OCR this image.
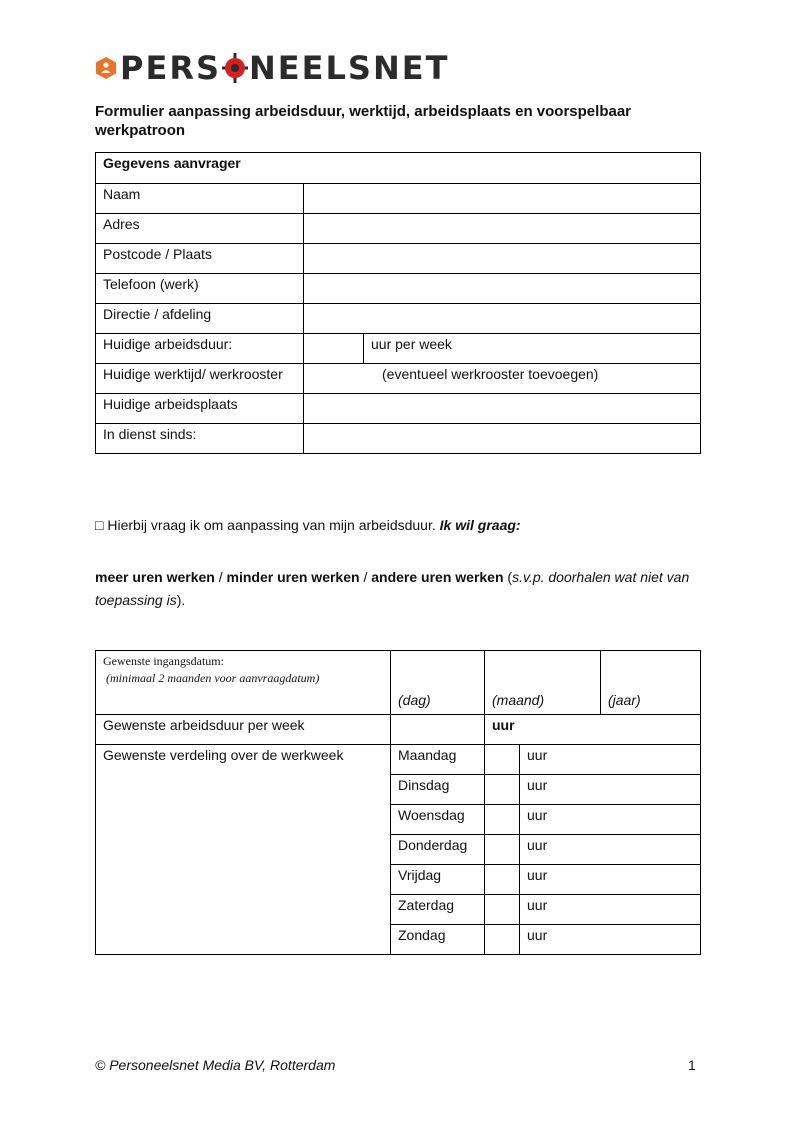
P ERS NEELSNET
Formulier aanpassing arbeidsduur, werktijd, arbeidsplaats en voorspelbaar werkpatroon
Gegevens aanvrager		
Naam		
Adres		
Postcode / Plaats		
Telefoon (werk)		
Directie / afdeling		
Huidige arbeidsduur:		uur per week
Huidige werktijd/ werkrooster	(eventueel werkrooster toevoegen)	
Huidige arbeidsplaats		
In dienst sinds:		
□ Hierbij vraag ik om aanpassing van mijn arbeidsduur. Ik wil graag:
meer uren werken / minder uren werken / andere uren werken (s.v.p. doorhalen wat niet van toepassing is).
Gewenste ingangsdatum:
(minimaal 2 maanden voor aanvraagdatum)	(dag)	(maand)		(jaar)

Gewenste arbeidsduur per week		uur		
Gewenste verdeling over de werkweek	Maandag		uur	
	Dinsdag		uur	
	Woensdag		uur	
	Donderdag		uur	
	Vrijdag		uur	
	Zaterdag		uur	
	Zondag		uur	
© Personeelsnet Media BV, Rotterdam	1
